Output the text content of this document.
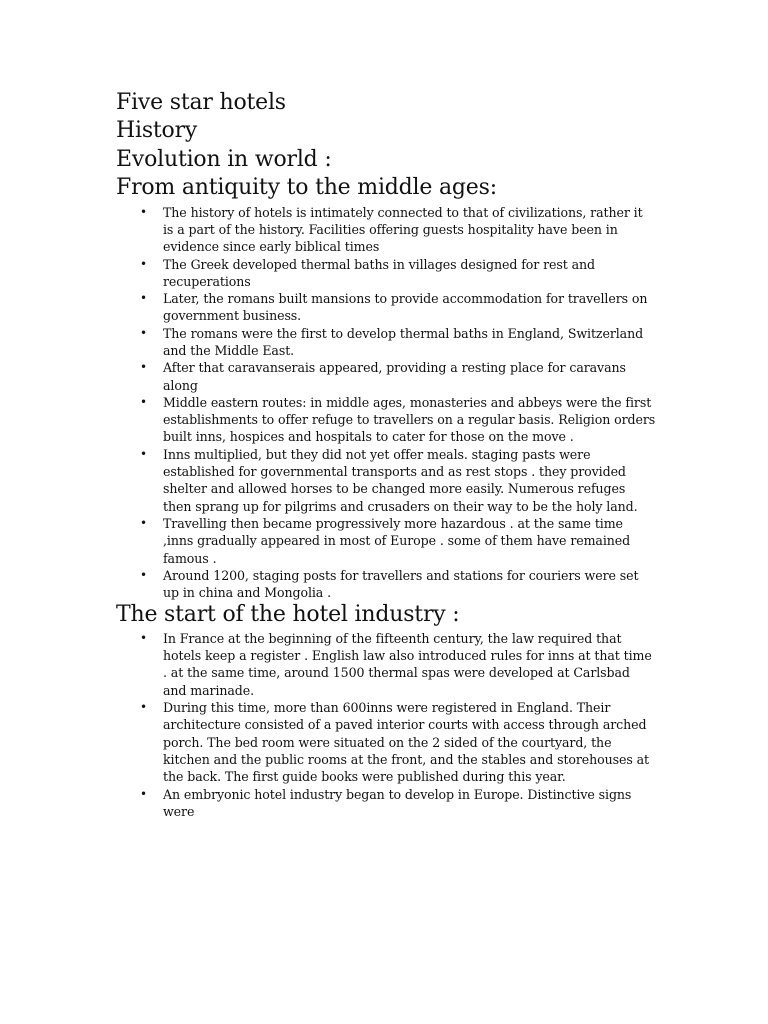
Five star hotels
History
Evolution in world :
From antiquity to the middle ages:
• The history of hotels is intimately connected to that of civilizations, rather it is a part of the history. Facilities offering guests hospitality have been in evidence since early biblical times
• The Greek developed thermal baths in villages designed for rest and recuperations
• Later, the romans built mansions to provide accommodation for travellers on government business.
• The romans were the first to develop thermal baths in England, Switzerland and the Middle East.
• After that caravanserais appeared, providing a resting place for caravans along
• Middle eastern routes: in middle ages, monasteries and abbeys were the first establishments to offer refuge to travellers on a regular basis. Religion orders built inns, hospices and hospitals to cater for those on the move .
• Inns multiplied, but they did not yet offer meals. staging pasts were established for governmental transports and as rest stops . they provided shelter and allowed horses to be changed more easily. Numerous refuges then sprang up for pilgrims and crusaders on their way to be the holy land.
• Travelling then became progressively more hazardous . at the same time ,inns gradually appeared in most of Europe . some of them have remained famous .
• Around 1200, staging posts for travellers and stations for couriers were set up in china and Mongolia .
The start of the hotel industry :
• In France at the beginning of the fifteenth century, the law required that hotels keep a register . English law also introduced rules for inns at that time . at the same time, around 1500 thermal spas were developed at Carlsbad and marinade.
• During this time, more than 600inns were registered in England. Their architecture consisted of a paved interior courts with access through arched porch. The bed room were situated on the 2 sided of the courtyard, the kitchen and the public rooms at the front, and the stables and storehouses at the back. The first guide books were published during this year.
• An embryonic hotel industry began to develop in Europe. Distinctive signs were
